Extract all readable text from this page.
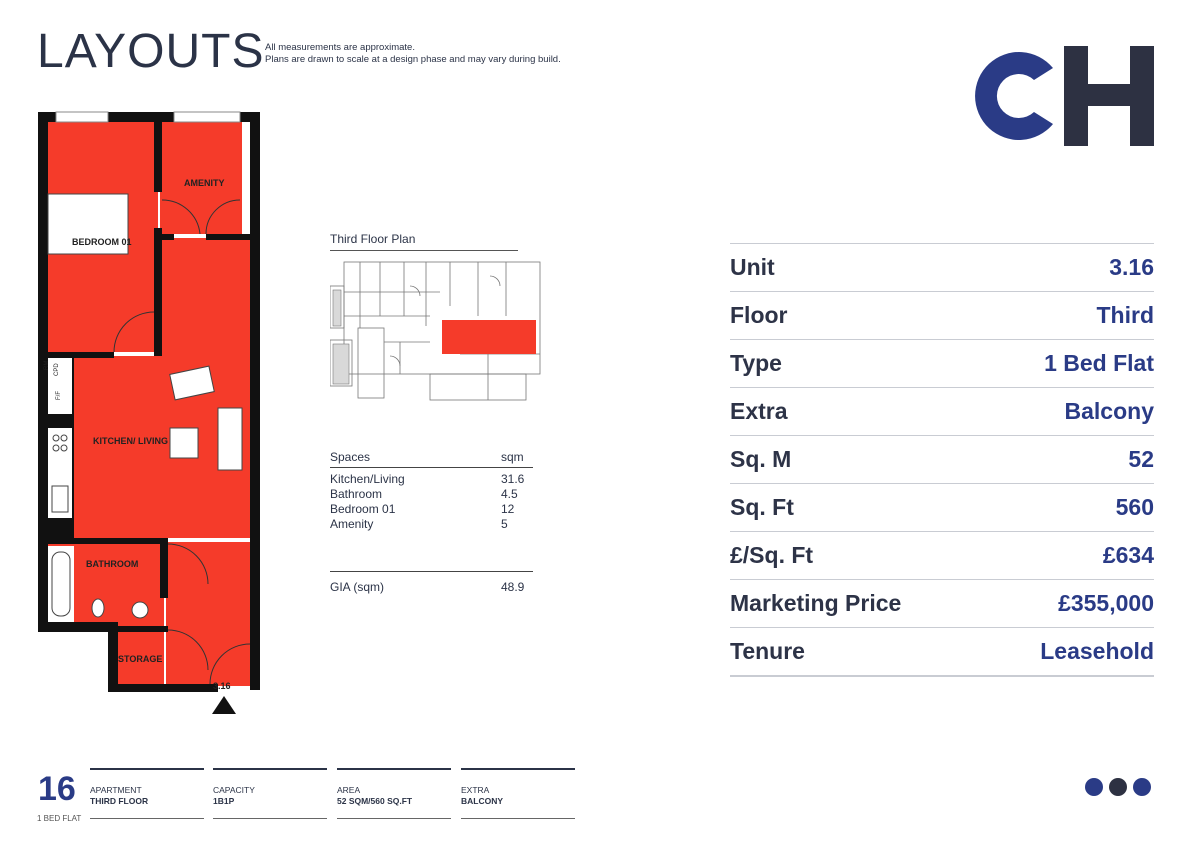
LAYOUTS All measurements are approximate.
Plans are drawn to scale at a design phase and may vary during build.
AMENITY
BEDROOM 01
KITCHEN/ LIVING
BATHROOM
STORAGE
RM CPD
F/F
3.16
Third Floor Plan
Spaces	sqm
Kitchen/Living	31.6
Bathroom	4.5
Bedroom 01	12
Amenity	5
GIA (sqm)	48.9
Unit	3.16
Floor	Third
Type	1 Bed Flat
Extra	Balcony
Sq. M	52
Sq. Ft	560
£/Sq. Ft	£634
Marketing Price	£355,000
Tenure	Leasehold
16
1 BED FLAT
APARTMENT
THIRD FLOOR
CAPACITY
1B1P
AREA
52 SQM/560 SQ.FT
EXTRA
BALCONY
